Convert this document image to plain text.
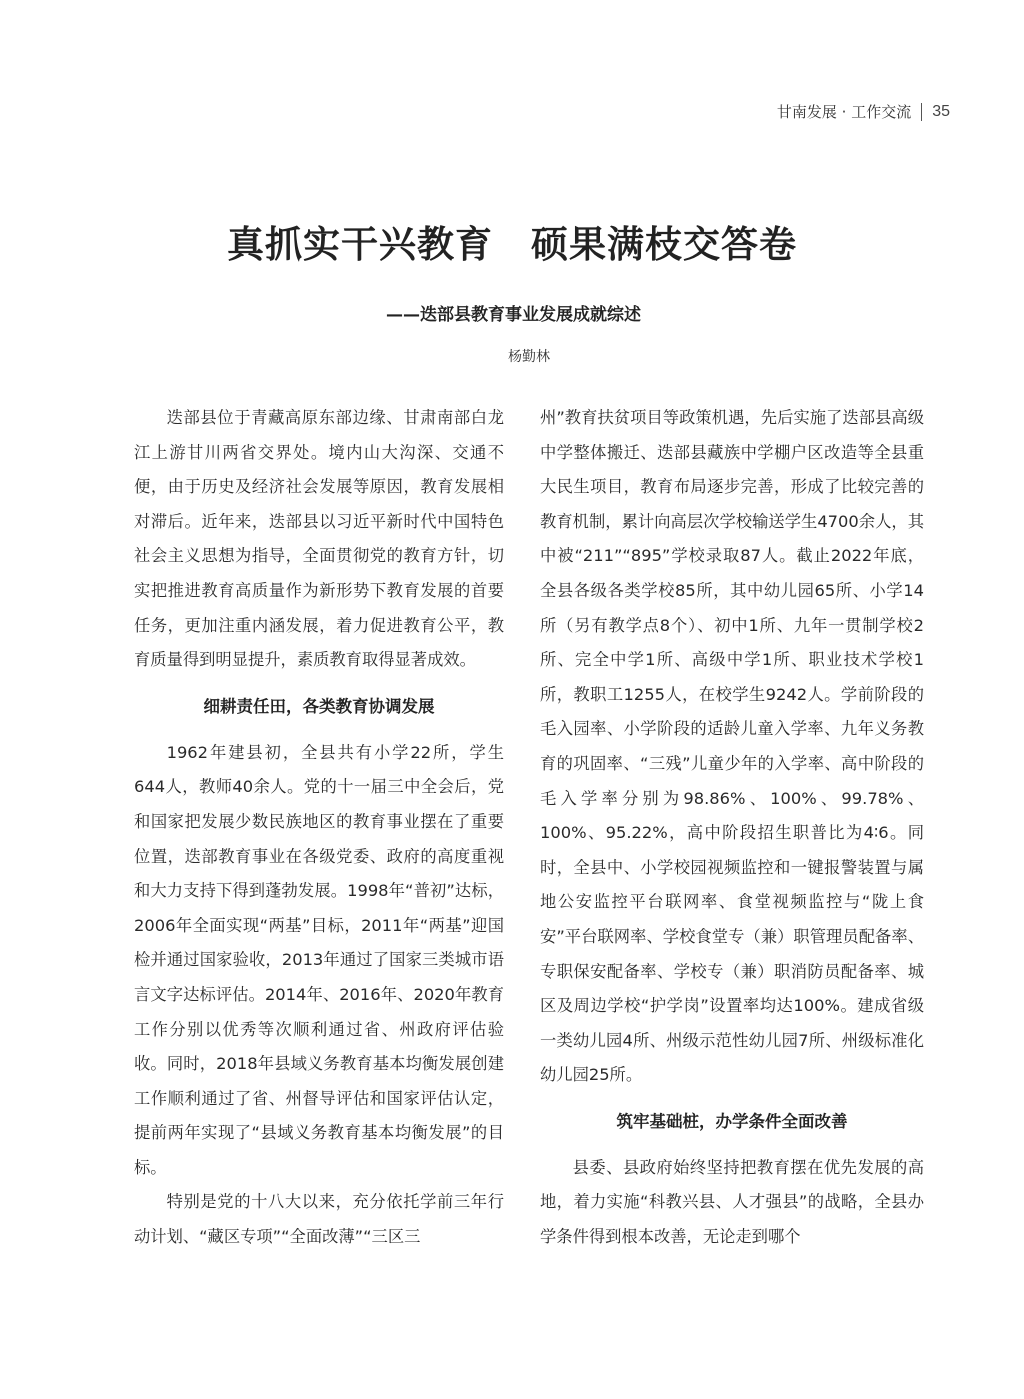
甘南发展 · 工作交流 35
真抓实干兴教育　硕果满枝交答卷
——迭部县教育事业发展成就综述
杨勤林

迭部县位于青藏高原东部边缘、甘肃南部白龙江上游甘川两省交界处。境内山大沟深、交通不便，由于历史及经济社会发展等原因，教育发展相对滞后。近年来，迭部县以习近平新时代中国特色社会主义思想为指导，全面贯彻党的教育方针，切实把推进教育高质量作为新形势下教育发展的首要任务，更加注重内涵发展，着力促进教育公平，教育质量得到明显提升，素质教育取得显著成效。

细耕责任田，各类教育协调发展

1962年建县初，全县共有小学22所，学生644人，教师40余人。党的十一届三中全会后，党和国家把发展少数民族地区的教育事业摆在了重要位置，迭部教育事业在各级党委、政府的高度重视和大力支持下得到蓬勃发展。1998年“普初”达标，2006年全面实现“两基”目标，2011年“两基”迎国检并通过国家验收，2013年通过了国家三类城市语言文字达标评估。2014年、2016年、2020年教育工作分别以优秀等次顺利通过省、州政府评估验收。同时，2018年县域义务教育基本均衡发展创建工作顺利通过了省、州督导评估和国家评估认定，提前两年实现了“县域义务教育基本均衡发展”的目标。

特别是党的十八大以来，充分依托学前三年行动计划、“藏区专项”“全面改薄”“三区三

州”教育扶贫项目等政策机遇，先后实施了迭部县高级中学整体搬迁、迭部县藏族中学棚户区改造等全县重大民生项目，教育布局逐步完善，形成了比较完善的教育机制，累计向高层次学校输送学生4700余人，其中被“211”“895”学校录取87人。截止2022年底，全县各级各类学校85所，其中幼儿园65所、小学14所（另有教学点8个）、初中1所、九年一贯制学校2所、完全中学1所、高级中学1所、职业技术学校1所，教职工1255人，在校学生9242人。学前阶段的毛入园率、小学阶段的适龄儿童入学率、九年义务教育的巩固率、“三残”儿童少年的入学率、高中阶段的毛入学率分别为98.86%、100%、99.78%、100%、95.22%，高中阶段招生职普比为4∶6。同时，全县中、小学校园视频监控和一键报警装置与属地公安监控平台联网率、食堂视频监控与“陇上食安”平台联网率、学校食堂专（兼）职管理员配备率、专职保安配备率、学校专（兼）职消防员配备率、城区及周边学校“护学岗”设置率均达100%。建成省级一类幼儿园4所、州级示范性幼儿园7所、州级标准化幼儿园25所。

筑牢基础桩，办学条件全面改善

县委、县政府始终坚持把教育摆在优先发展的高地，着力实施“科教兴县、人才强县”的战略，全县办学条件得到根本改善，无论走到哪个
